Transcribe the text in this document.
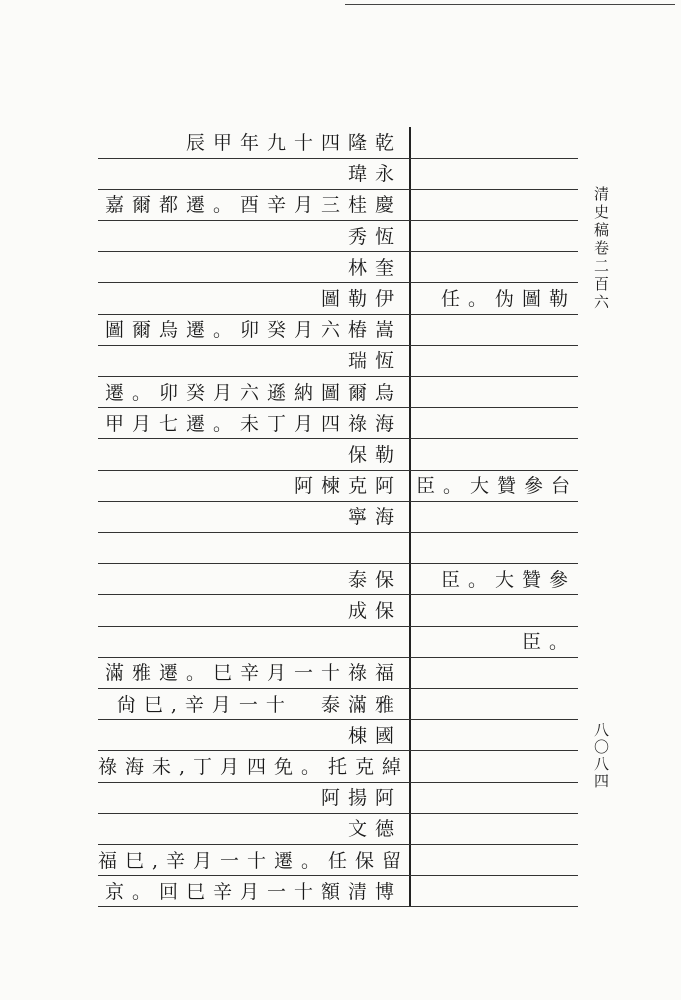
清史稿卷二百六
八〇八四
辰甲年九十四隆乾
瑋永
嘉爾都遷。酉辛月三桂慶
秀恆
林奎
圖勒伊	任。伪圖勒
圖爾烏遷。卯癸月六椿嵩
瑞恆
遷。卯癸月六遜納圖爾烏
甲月七遷。未丁月四祿海
保勒
阿楝克阿 臣。大贊參台
寧海
泰保	臣。大贊參
成保
臣。
滿雅遷。巳辛月一十祿福
尙巳,辛月一十  泰滿雅
棟國
祿海未,丁月四免。托克綽
阿揚阿
文德
福巳,辛月一十遷。任保留
京。回巳辛月一十額清博
